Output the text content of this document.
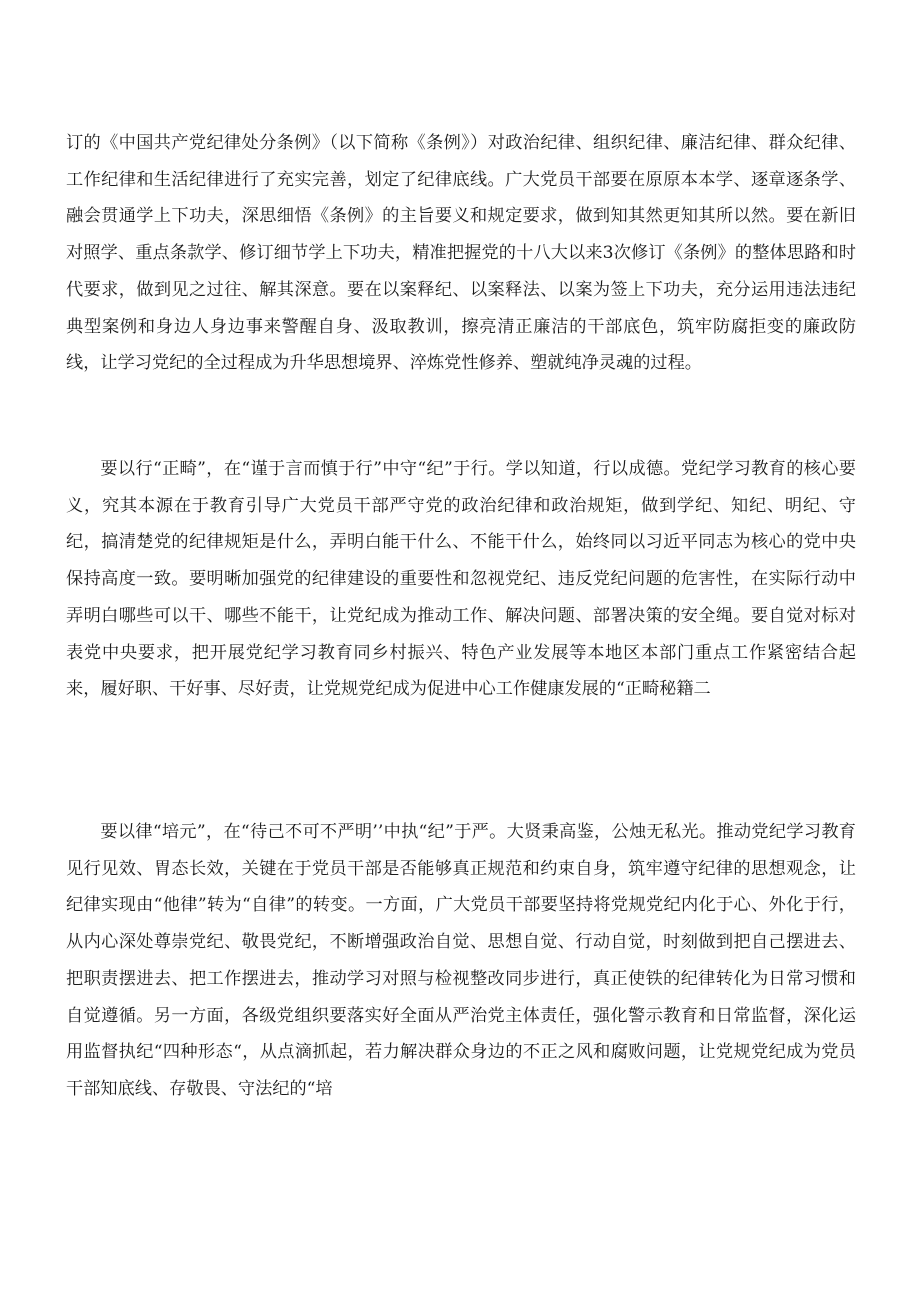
订的《中国共产党纪律处分条例》（以下简称《条例》）对政治纪律、组织纪律、廉洁纪律、群众纪律、工作纪律和生活纪律进行了充实完善，划定了纪律底线。广大党员干部要在原原本本学、逐章逐条学、融会贯通学上下功夫，深思细悟《条例》的主旨要义和规定要求，做到知其然更知其所以然。要在新旧对照学、重点条款学、修订细节学上下功夫，精准把握党的十八大以来3次修订《条例》的整体思路和时代要求，做到见之过往、解其深意。要在以案释纪、以案释法、以案为签上下功夫，充分运用违法违纪典型案例和身边人身边事来警醒自身、汲取教训，擦亮清正廉洁的干部底色，筑牢防腐拒变的廉政防线，让学习党纪的全过程成为升华思想境界、淬炼党性修养、塑就纯净灵魂的过程。

要以行“正畸”，在“谨于言而慎于行”中守“纪”于行。学以知道，行以成德。党纪学习教育的核心要义，究其本源在于教育引导广大党员干部严守党的政治纪律和政治规矩，做到学纪、知纪、明纪、守纪，搞清楚党的纪律规矩是什么，弄明白能干什么、不能干什么，始终同以习近平同志为核心的党中央保持高度一致。要明晰加强党的纪律建设的重要性和忽视党纪、违反党纪问题的危害性，在实际行动中弄明白哪些可以干、哪些不能干，让党纪成为推动工作、解决问题、部署决策的安全绳。要自觉对标对表党中央要求，把开展党纪学习教育同乡村振兴、特色产业发展等本地区本部门重点工作紧密结合起来，履好职、干好事、尽好责，让党规党纪成为促进中心工作健康发展的“正畸秘籍二

要以律“培元”，在“待己不可不严明’’中执“纪”于严。大贤秉高鉴，公烛无私光。推动党纪学习教育见行见效、胃态长效，关键在于党员干部是否能够真正规范和约束自身，筑牢遵守纪律的思想观念，让纪律实现由“他律”转为“自律”的转变。一方面，广大党员干部要坚持将党规党纪内化于心、外化于行，从内心深处尊崇党纪、敬畏党纪，不断增强政治自觉、思想自觉、行动自觉，时刻做到把自己摆进去、把职责摆进去、把工作摆进去，推动学习对照与检视整改同步进行，真正使铁的纪律转化为日常习惯和自觉遵循。另一方面，各级党组织要落实好全面从严治党主体责任，强化警示教育和日常监督，深化运用监督执纪“四种形态“，从点滴抓起，若力解决群众身边的不正之风和腐败问题，让党规党纪成为党员干部知底线、存敬畏、守法纪的“培
